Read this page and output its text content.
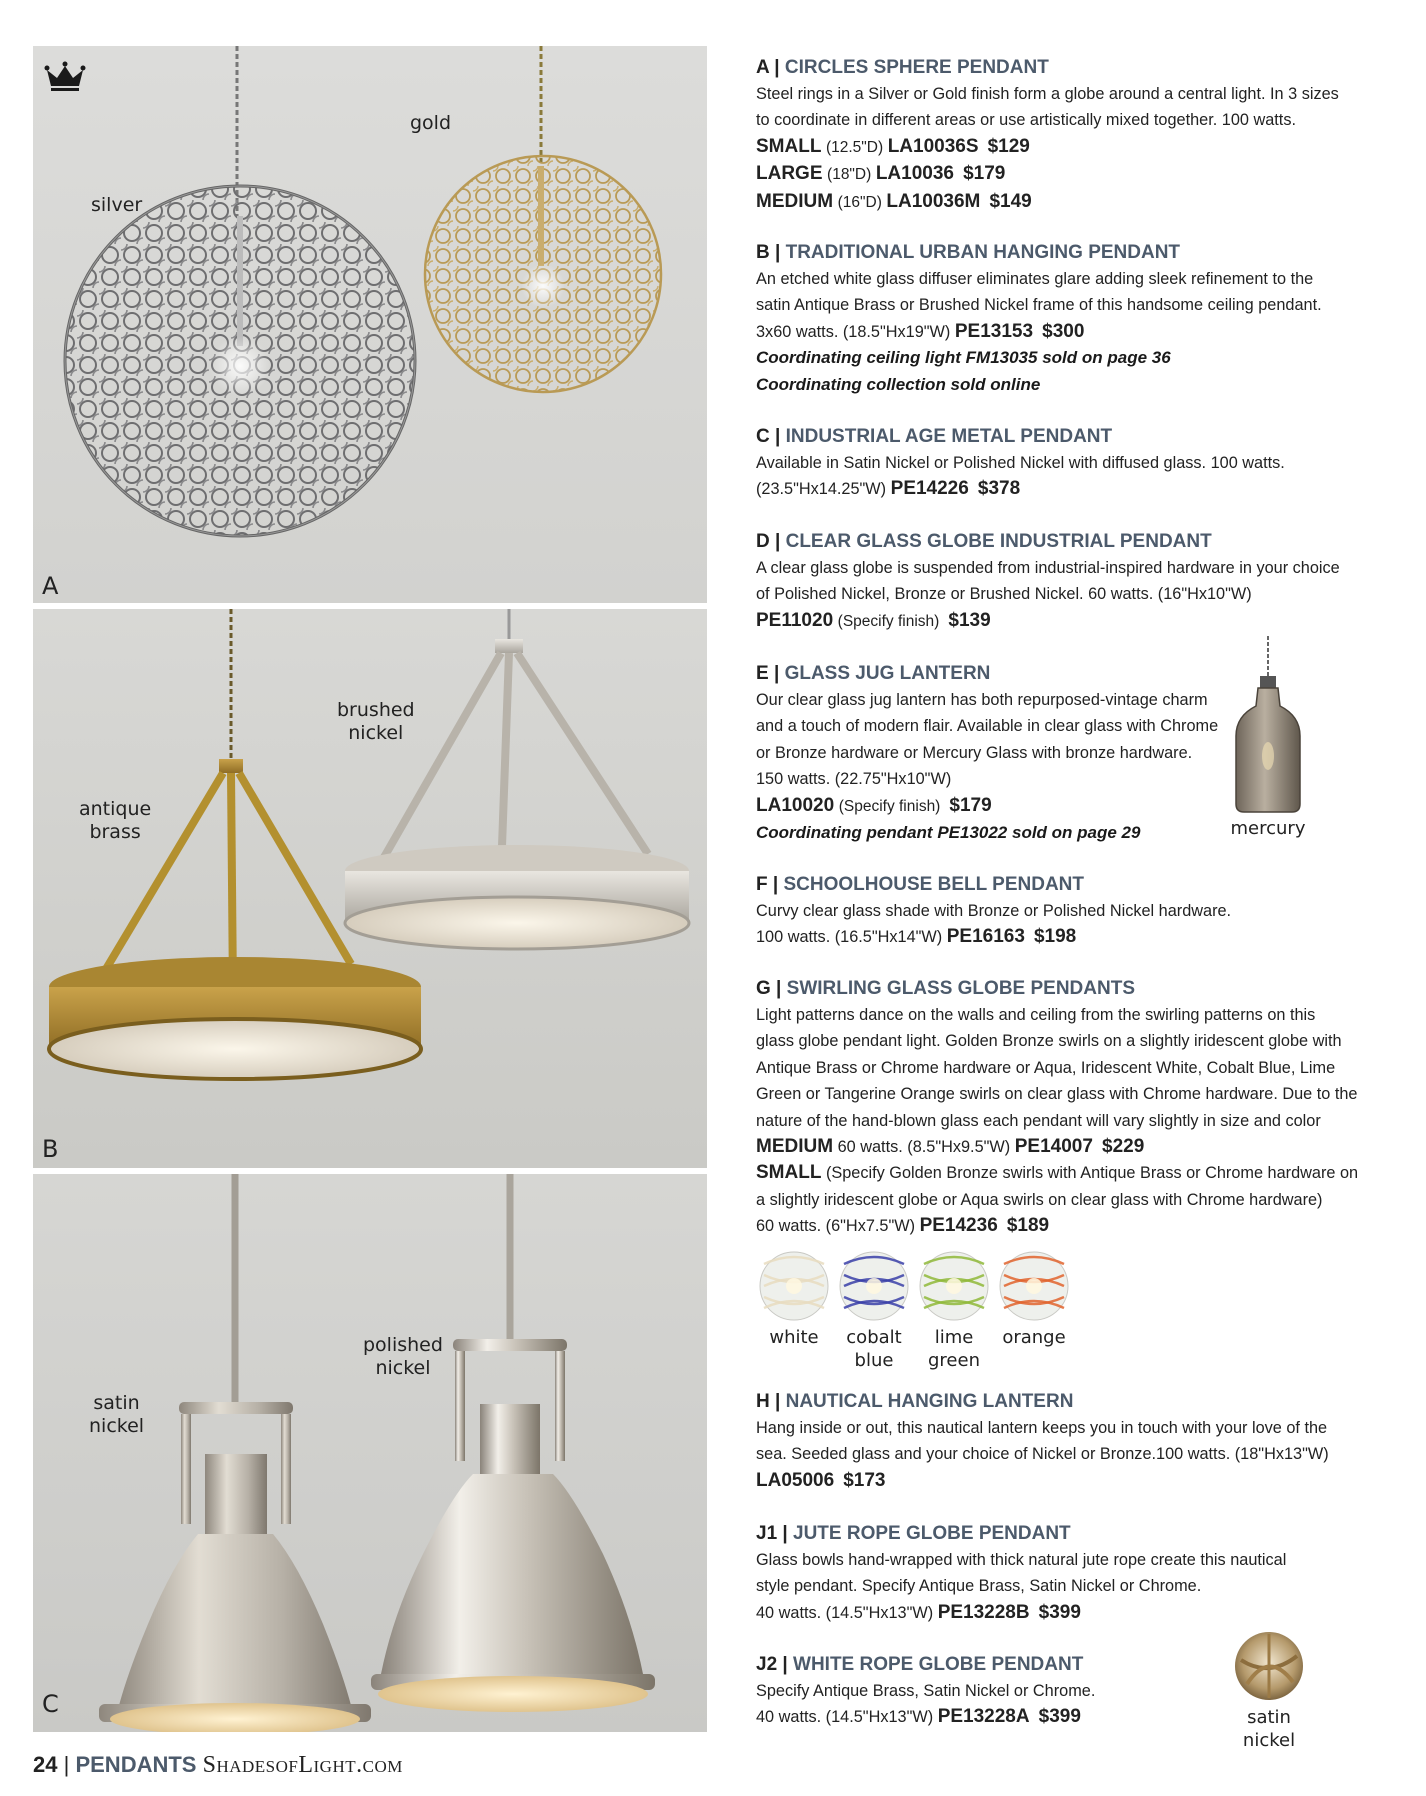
silver
gold
A
brushed
nickel
antique
brass
B
polished
nickel
satin
nickel
C

A | CIRCLES SPHERE PENDANT

Steel rings in a Silver or Gold finish form a globe around a central light. In 3 sizes

to coordinate in different areas or use artistically mixed together. 100 watts.

SMALL (12.5"D) LA10036S $129

LARGE (18"D) LA10036 $179

MEDIUM (16"D) LA10036M $149

B | TRADITIONAL URBAN HANGING PENDANT

An etched white glass diffuser eliminates glare adding sleek refinement to the

satin Antique Brass or Brushed Nickel frame of this handsome ceiling pendant.

3x60 watts. (18.5"Hx19"W) PE13153 $300

Coordinating ceiling light FM13035 sold on page 36

Coordinating collection sold online

C | INDUSTRIAL AGE METAL PENDANT

Available in Satin Nickel or Polished Nickel with diffused glass. 100 watts.

(23.5"Hx14.25"W) PE14226 $378

D | CLEAR GLASS GLOBE INDUSTRIAL PENDANT

A clear glass globe is suspended from industrial-inspired hardware in your choice

of Polished Nickel, Bronze or Brushed Nickel. 60 watts. (16"Hx10"W)

PE11020 (Specify finish) $139

E | GLASS JUG LANTERN

Our clear glass jug lantern has both repurposed-vintage charm

and a touch of modern flair. Available in clear glass with Chrome

or Bronze hardware or Mercury Glass with bronze hardware.

150 watts. (22.75"Hx10"W)

LA10020 (Specify finish) $179

Coordinating pendant PE13022 sold on page 29	mercury

F | SCHOOLHOUSE BELL PENDANT

Curvy clear glass shade with Bronze or Polished Nickel hardware.

100 watts. (16.5"Hx14"W) PE16163 $198

G | SWIRLING GLASS GLOBE PENDANTS

Light patterns dance on the walls and ceiling from the swirling patterns on this

glass globe pendant light. Golden Bronze swirls on a slightly iridescent globe with

Antique Brass or Chrome hardware or Aqua, Iridescent White, Cobalt Blue, Lime

Green or Tangerine Orange swirls on clear glass with Chrome hardware. Due to the

nature of the hand-blown glass each pendant will vary slightly in size and color

MEDIUM 60 watts. (8.5"Hx9.5"W) PE14007 $229

SMALL (Specify Golden Bronze swirls with Antique Brass or Chrome hardware on

a slightly iridescent globe or Aqua swirls on clear glass with Chrome hardware)

60 watts. (6"Hx7.5"W) PE14236 $189

white	cobalt
blue
lime
green
orange

H | NAUTICAL HANGING LANTERN

Hang inside or out, this nautical lantern keeps you in touch with your love of the

sea. Seeded glass and your choice of Nickel or Bronze.100 watts. (18"Hx13"W)

LA05006 $173

J1 | JUTE ROPE GLOBE PENDANT

Glass bowls hand-wrapped with thick natural jute rope create this nautical

style pendant. Specify Antique Brass, Satin Nickel or Chrome.

40 watts. (14.5"Hx13"W) PE13228B $399

J2 | WHITE ROPE GLOBE PENDANT

Specify Antique Brass, Satin Nickel or Chrome.

40 watts. (14.5"Hx13"W) PE13228A $399	satin
nickel
24 | PENDANTS ShadesofLight.com
